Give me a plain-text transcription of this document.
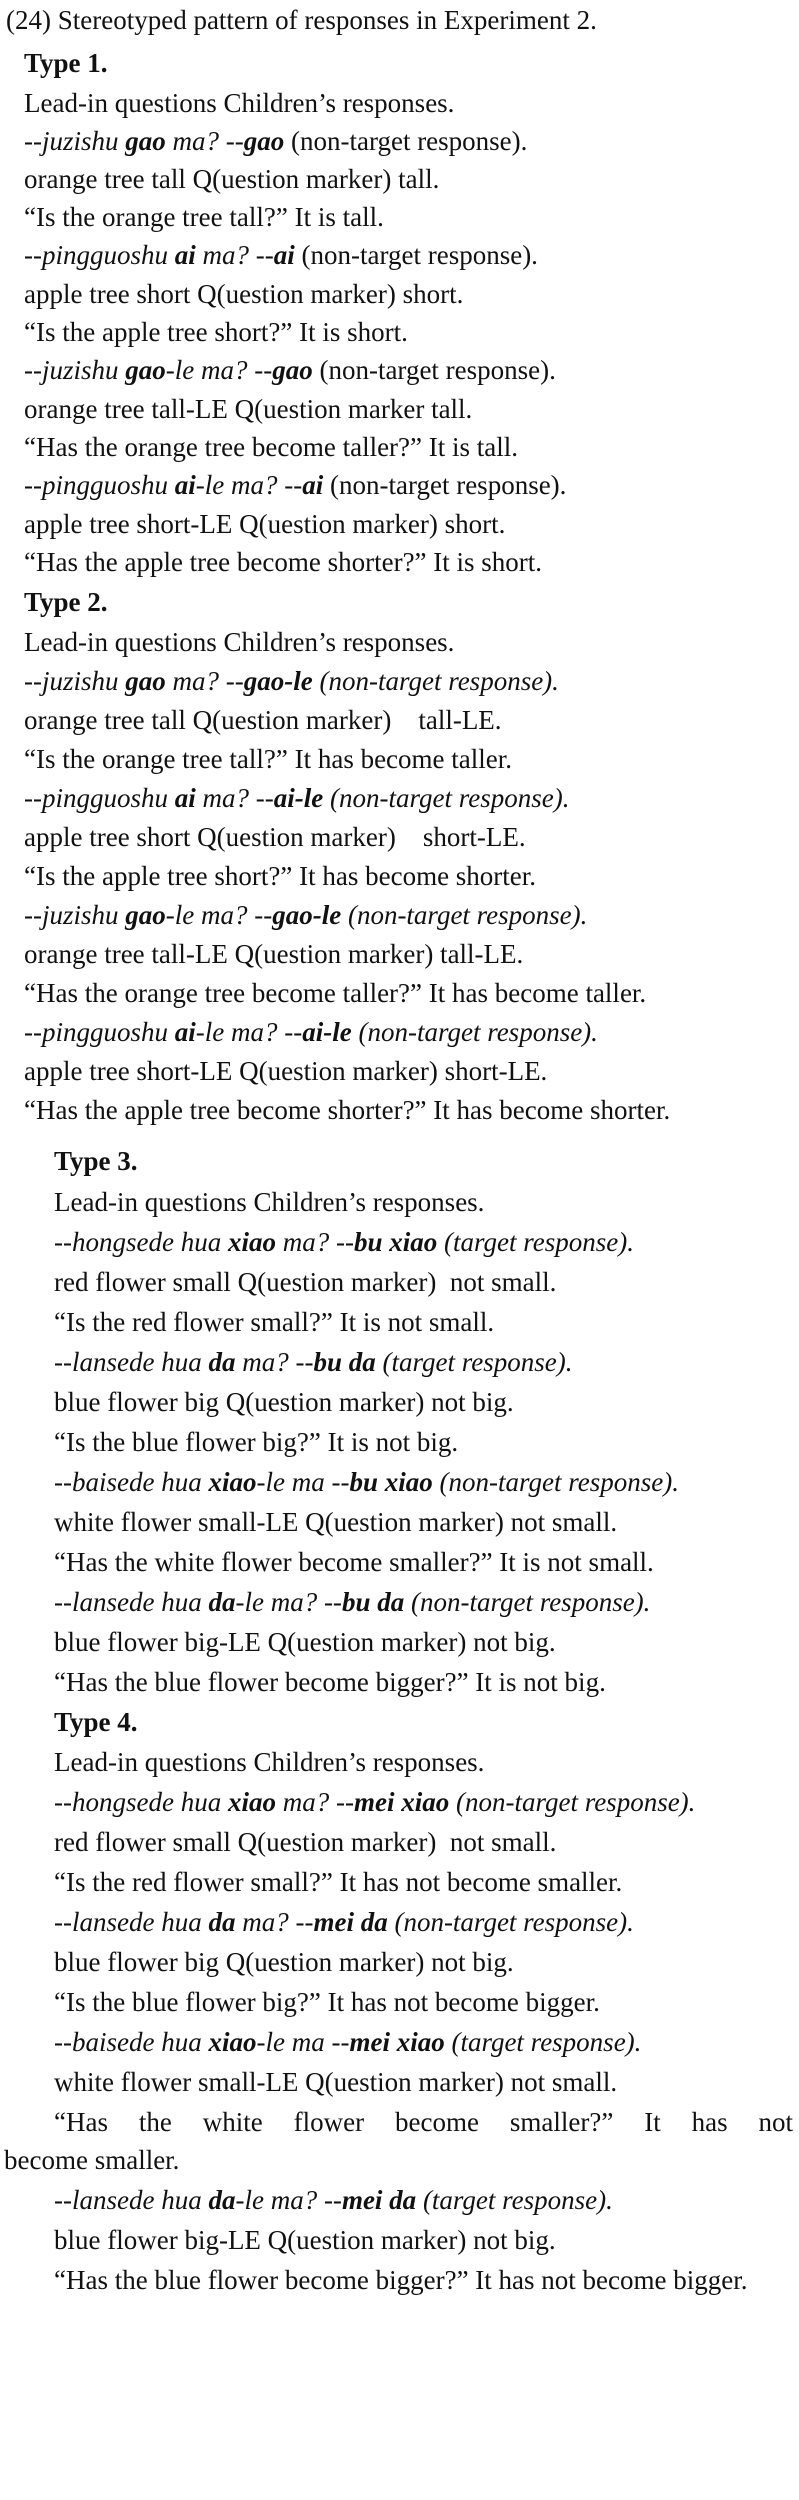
(24) Stereotyped pattern of responses in Experiment 2.
Type 1.
Lead-in questions Children’s responses.
--juzishu gao ma? --gao (non-target response).
orange tree tall Q(uestion marker) tall.
“Is the orange tree tall?” It is tall.
--pingguoshu ai ma? --ai (non-target response).
apple tree short Q(uestion marker) short.
“Is the apple tree short?” It is short.
--juzishu gao-le ma? --gao (non-target response).
orange tree tall-LE Q(uestion marker tall.
“Has the orange tree become taller?” It is tall.
--pingguoshu ai-le ma? --ai (non-target response).
apple tree short-LE Q(uestion marker) short.
“Has the apple tree become shorter?” It is short.
Type 2.
Lead-in questions Children’s responses.
--juzishu gao ma? --gao-le (non-target response).
orange tree tall Q(uestion marker)    tall-LE.
“Is the orange tree tall?” It has become taller.
--pingguoshu ai ma? --ai-le (non-target response).
apple tree short Q(uestion marker)    short-LE.
“Is the apple tree short?” It has become shorter.
--juzishu gao-le ma? --gao-le (non-target response).
orange tree tall-LE Q(uestion marker) tall-LE.
“Has the orange tree become taller?” It has become taller.
--pingguoshu ai-le ma? --ai-le (non-target response).
apple tree short-LE Q(uestion marker) short-LE.
“Has the apple tree become shorter?” It has become shorter.
Type 3.
Lead-in questions Children’s responses.
--hongsede hua xiao ma? --bu xiao (target response).
red flower small Q(uestion marker)  not small.
“Is the red flower small?” It is not small.
--lansede hua da ma? --bu da (target response).
blue flower big Q(uestion marker) not big.
“Is the blue flower big?” It is not big.
--baisede hua xiao-le ma --bu xiao (non-target response).
white flower small-LE Q(uestion marker) not small.
“Has the white flower become smaller?” It is not small.
--lansede hua da-le ma? --bu da (non-target response).
blue flower big-LE Q(uestion marker) not big.
“Has the blue flower become bigger?” It is not big.
Type 4.
Lead-in questions Children’s responses.
--hongsede hua xiao ma? --mei xiao (non-target response).
red flower small Q(uestion marker)  not small.
“Is the red flower small?” It has not become smaller.
--lansede hua da ma? --mei da (non-target response).
blue flower big Q(uestion marker) not big.
“Is the blue flower big?” It has not become bigger.
--baisede hua xiao-le ma --mei xiao (target response).
white flower small-LE Q(uestion marker) not small.
“Has the white flower become smaller?” It has not
become smaller.
--lansede hua da-le ma? --mei da (target response).
blue flower big-LE Q(uestion marker) not big.
“Has the blue flower become bigger?” It has not become bigger.
